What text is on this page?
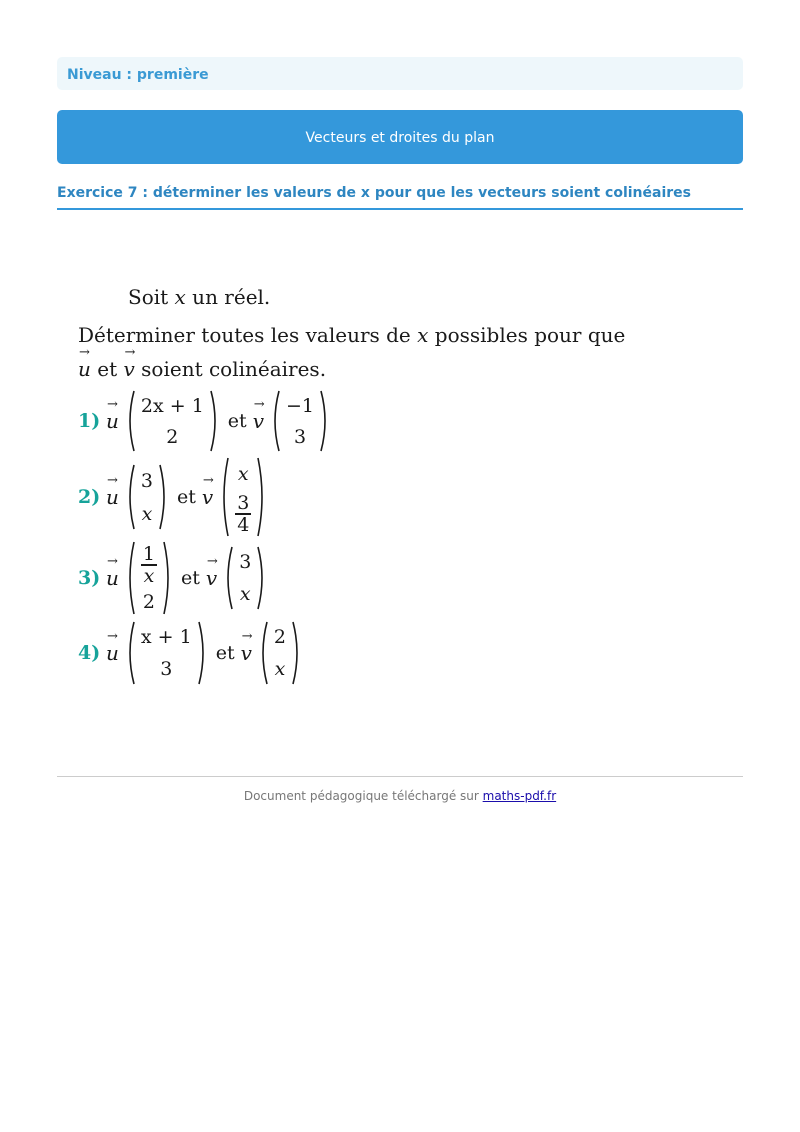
Niveau : première
Vecteurs et droites du plan
Exercice 7 : déterminer les valeurs de x pour que les vecteurs soient colinéaires
Soit x un réel.
Déterminer toutes les valeurs de x possibles pour que
→
u et
→
v soient colinéaires.
1)
→
u
2x + 1
2
et
→
v
−1
3
2)
→
u
3
x
et
→
v
x
$\frac{3}{4}$
3)
→
u $\frac{1}{x}$
2
et
→
v
3
x
4)
→
u
x + 1
3
et
→
v
2
x
Document pédagogique téléchargé sur maths-pdf.fr
